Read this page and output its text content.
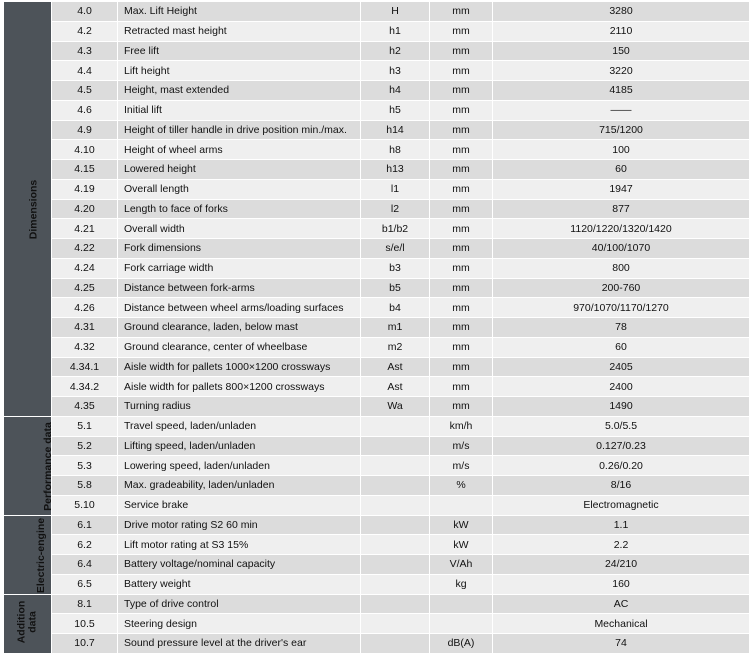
Dimensions	4.0	Max. Lift Height	H	mm	3280
	4.2	Retracted mast height	h1	mm	2110
	4.3	Free lift	h2	mm	150
	4.4	Lift height	h3	mm	3220
	4.5	Height, mast extended	h4	mm	4185
	4.6	Initial lift	h5	mm	——
	4.9	Height of tiller handle in drive position min./max.	h14	mm	715/1200
	4.10	Height of wheel arms	h8	mm	100
	4.15	Lowered height	h13	mm	60
	4.19	Overall length	l1	mm	1947
	4.20	Length to face of forks	l2	mm	877
	4.21	Overall width	b1/b2	mm	1120/1220/1320/1420
	4.22	Fork dimensions	s/e/l	mm	40/100/1070
	4.24	Fork carriage width	b3	mm	800
	4.25	Distance between fork-arms	b5	mm	200-760
	4.26	Distance between wheel arms/loading surfaces	b4	mm	970/1070/1170/1270
	4.31	Ground clearance, laden, below mast	m1	mm	78
	4.32	Ground clearance, center of wheelbase	m2	mm	60
	4.34.1	Aisle width for pallets 1000×1200 crossways	Ast	mm	2405
	4.34.2	Aisle width for pallets 800×1200 crossways	Ast	mm	2400
	4.35	Turning radius	Wa	mm	1490
Performance data	5.1	Travel speed, laden/unladen		km/h	5.0/5.5
	5.2	Lifting speed, laden/unladen		m/s	0.127/0.23
	5.3	Lowering speed, laden/unladen		m/s	0.26/0.20
	5.8	Max. gradeability, laden/unladen		%	8/16
	5.10	Service brake			Electromagnetic
Electric-engine	6.1	Drive motor rating S2 60 min		kW	1.1
	6.2	Lift motor rating at S3 15%		kW	2.2
	6.4	Battery voltage/nominal capacity		V/Ah	24/210
	6.5	Battery weight		kg	160

Addition data	8.1	Type of drive control			AC
	10.5	Steering design			Mechanical
	10.7	Sound pressure level at the driver's ear		dB(A)	74
